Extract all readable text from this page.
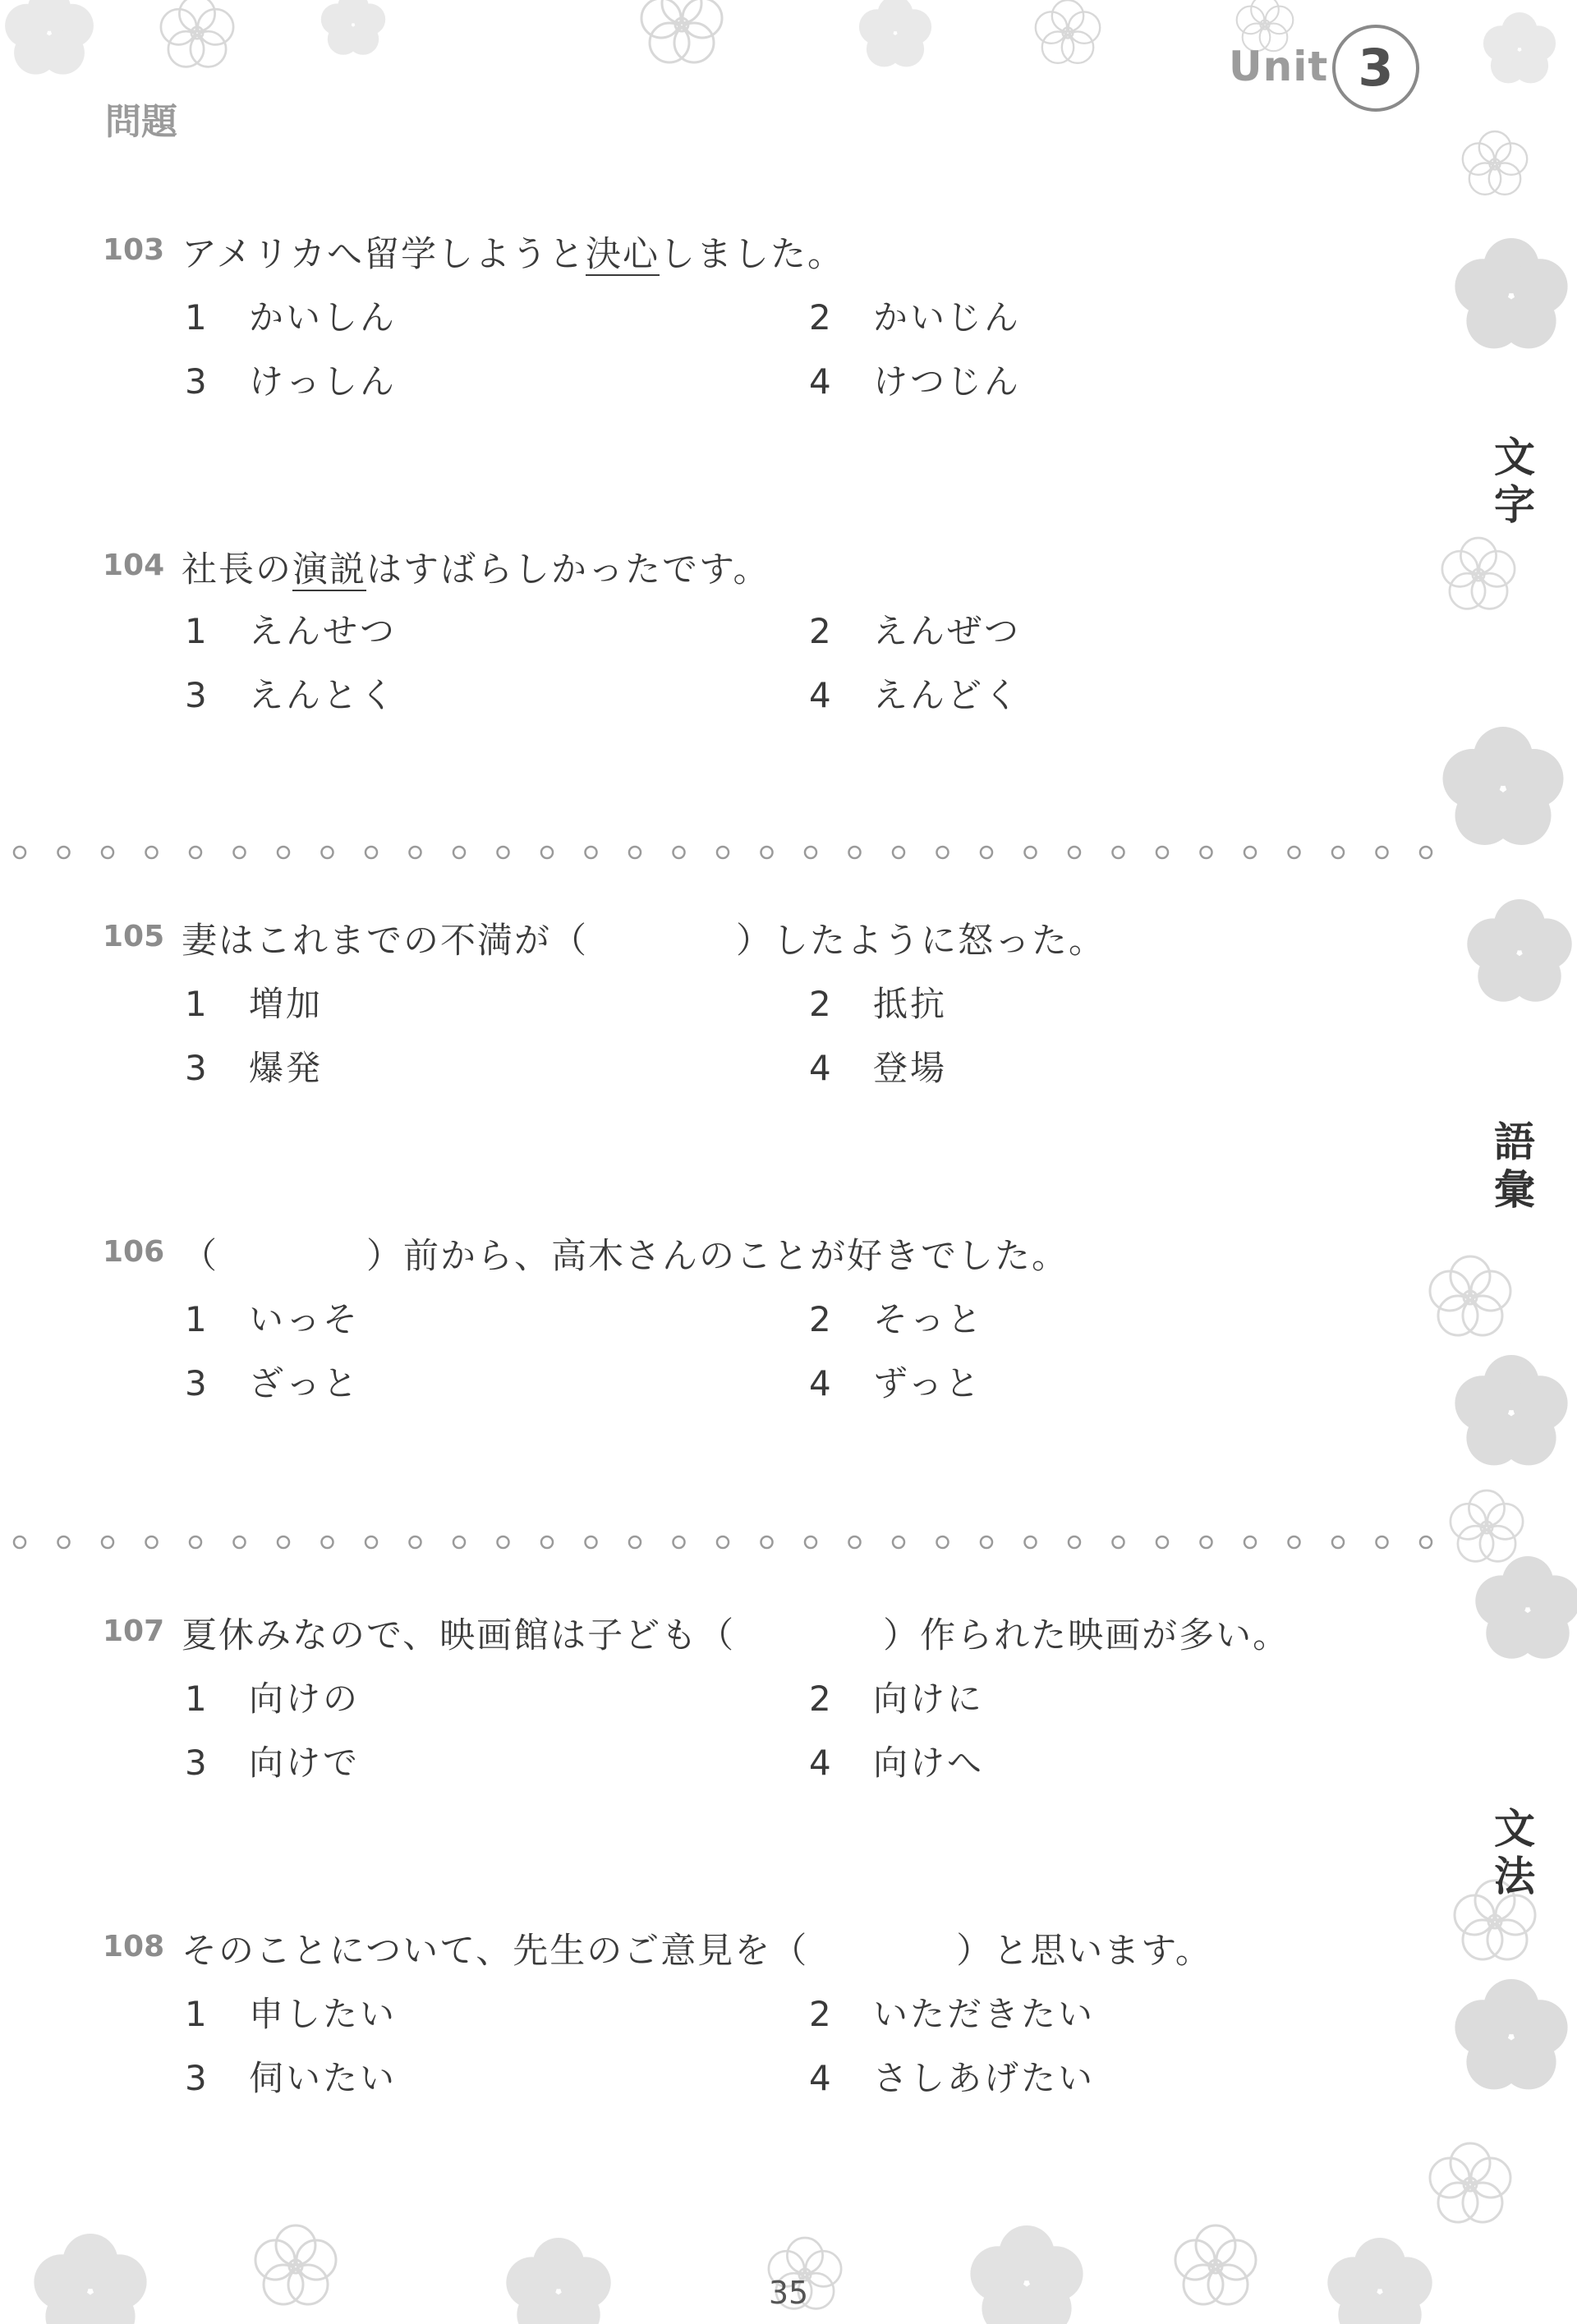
Unit 3
問題
文字
語彙
文法
103 アメリカへ留学しようと決心しました。
1 かいしん	2 かいじん
3 けっしん	4 けつじん
104 社長の演説はすばらしかったです。
1 えんせつ	2 えんぜつ
3 えんとく	4 えんどく
105 妻はこれまでの不満が（　　　　	）したように怒った。
1 増加	2 抵抗
3 爆発	4 登場
106 （　　　　	）前から、高木さんのことが好きでした。
1 いっそ	2 そっと
3 ざっと	4 ずっと
107 夏休みなので、映画館は子ども（　　　　	）作られた映画が多い。
1 向けの	2 向けに
3 向けで	4 向けへ
108 そのことについて、先生のご意見を（　　　　	）と思います。
1 申したい	2 いただきたい
3 伺いたい	4 さしあげたい
35
